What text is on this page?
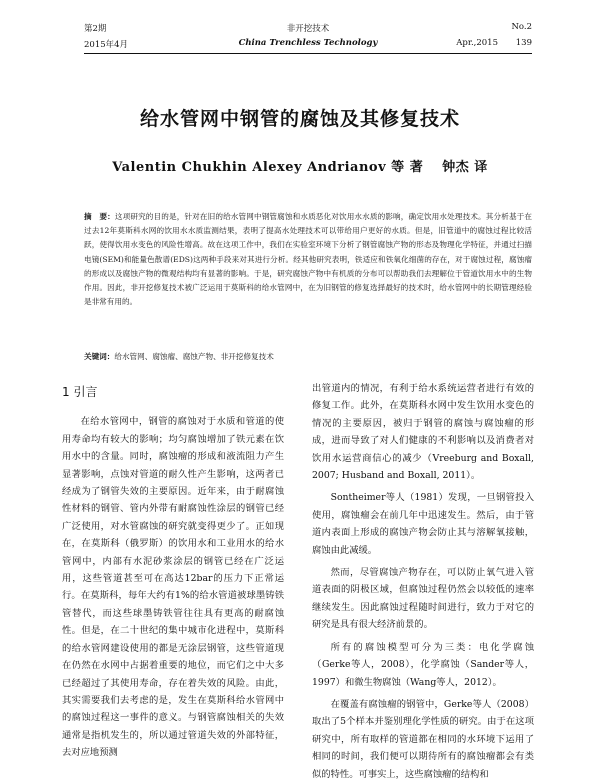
第2期	非开挖技术	No.2
2015年4月	China Trenchless Technology	Apr.,2015 139
给水管网中钢管的腐蚀及其修复技术
Valentin Chukhin Alexey Andrianov 等 著 钟杰 译
摘　要：这项研究的目的是，针对在旧的给水管网中钢管腐蚀和水质恶化对饮用水水质的影响，确定饮用水处理技术。其分析基于在过去12年莫斯科水网的饮用水水质监测结果，表明了提高水处理技术可以带给用户更好的水质。但是，旧管道中的腐蚀过程比较活跃，使得饮用水变色的风险性增高。故在这项工作中，我们在实验室环境下分析了钢管腐蚀产物的形态及物理化学特征，并通过扫描电镜(SEM)和能量色散谱(EDS)这两种手段来对其进行分析。经其他研究表明，铁适应和铁氧化细菌的存在，对于腐蚀过程，腐蚀瘤的形成以及腐蚀产物的微观结构均有显著的影响。于是，研究腐蚀产物中有机质的分布可以帮助我们去理解位于管道饮用水中的生物作用。因此，非开挖修复技术被广泛运用于莫斯科的给水管网中，在为旧钢管的修复选择最好的技术时，给水管网中的长期管理经验是非常有用的。
关键词：给水管网、腐蚀瘤、腐蚀产物、非开挖修复技术
1 引言

在给水管网中，钢管的腐蚀对于水质和管道的使用寿命均有较大的影响；均匀腐蚀增加了铁元素在饮用水中的含量。同时，腐蚀瘤的形成和液流阻力产生显著影响，点蚀对管道的耐久性产生影响，这两者已经成为了钢管失效的主要原因。近年来，由于耐腐蚀性材料的钢管、管内外带有耐腐蚀性涂层的钢管已经广泛使用，对水管腐蚀的研究就变得更少了。正如现在，在莫斯科（俄罗斯）的饮用水和工业用水的给水管网中，内部有水泥砂浆涂层的钢管已经在广泛运用，这些管道甚至可在高达12bar的压力下正常运行。在莫斯科，每年大约有1%的给水管道被球墨铸铁管替代，而这些球墨铸铁管往往具有更高的耐腐蚀性。但是，在二十世纪的集中城市化进程中，莫斯科的给水管网建设使用的都是无涂层钢管，这些管道现在仍然在水网中占据着重要的地位，而它们之中大多已经超过了其使用寿命，存在着失效的风险。由此，其实需要我们去考虑的是，发生在莫斯科给水管网中的腐蚀过程这一事件的意义。与钢管腐蚀相关的失效通常是指机发生的，所以通过管道失效的外部特征，去对应地预测

出管道内的情况，有利于给水系统运营者进行有效的修复工作。此外，在莫斯科水网中发生饮用水变色的情况的主要原因，被归于钢管的腐蚀与腐蚀瘤的形成，进而导致了对人们健康的不利影响以及消费者对饮用水运营商信心的减少（Vreeburg and Boxall, 2007; Husband and Boxall, 2011）。

Sontheimer等人（1981）发现，一旦钢管投入使用，腐蚀瘤会在前几年中迅速发生。然后，由于管道内表面上形成的腐蚀产物会防止其与溶解氧接触，腐蚀由此减缓。

然而，尽管腐蚀产物存在，可以防止氧气进入管道表面的阴极区域，但腐蚀过程仍然会以较低的速率继续发生。因此腐蚀过程随时间进行，致力于对它的研究是具有很大经济前景的。

所有的腐蚀模型可分为三类：电化学腐蚀（Gerke等人，2008），化学腐蚀（Sander等人，1997）和微生物腐蚀（Wang等人，2012）。

在覆盖有腐蚀瘤的钢管中，Gerke等人（2008）取出了5个样本并鉴别理化学性质的研究。由于在这项研究中，所有取样的管道都在相同的水环境下运用了相同的时间，我们便可以期待所有的腐蚀瘤都会有类似的特性。可事实上，这些腐蚀瘤的结构和
